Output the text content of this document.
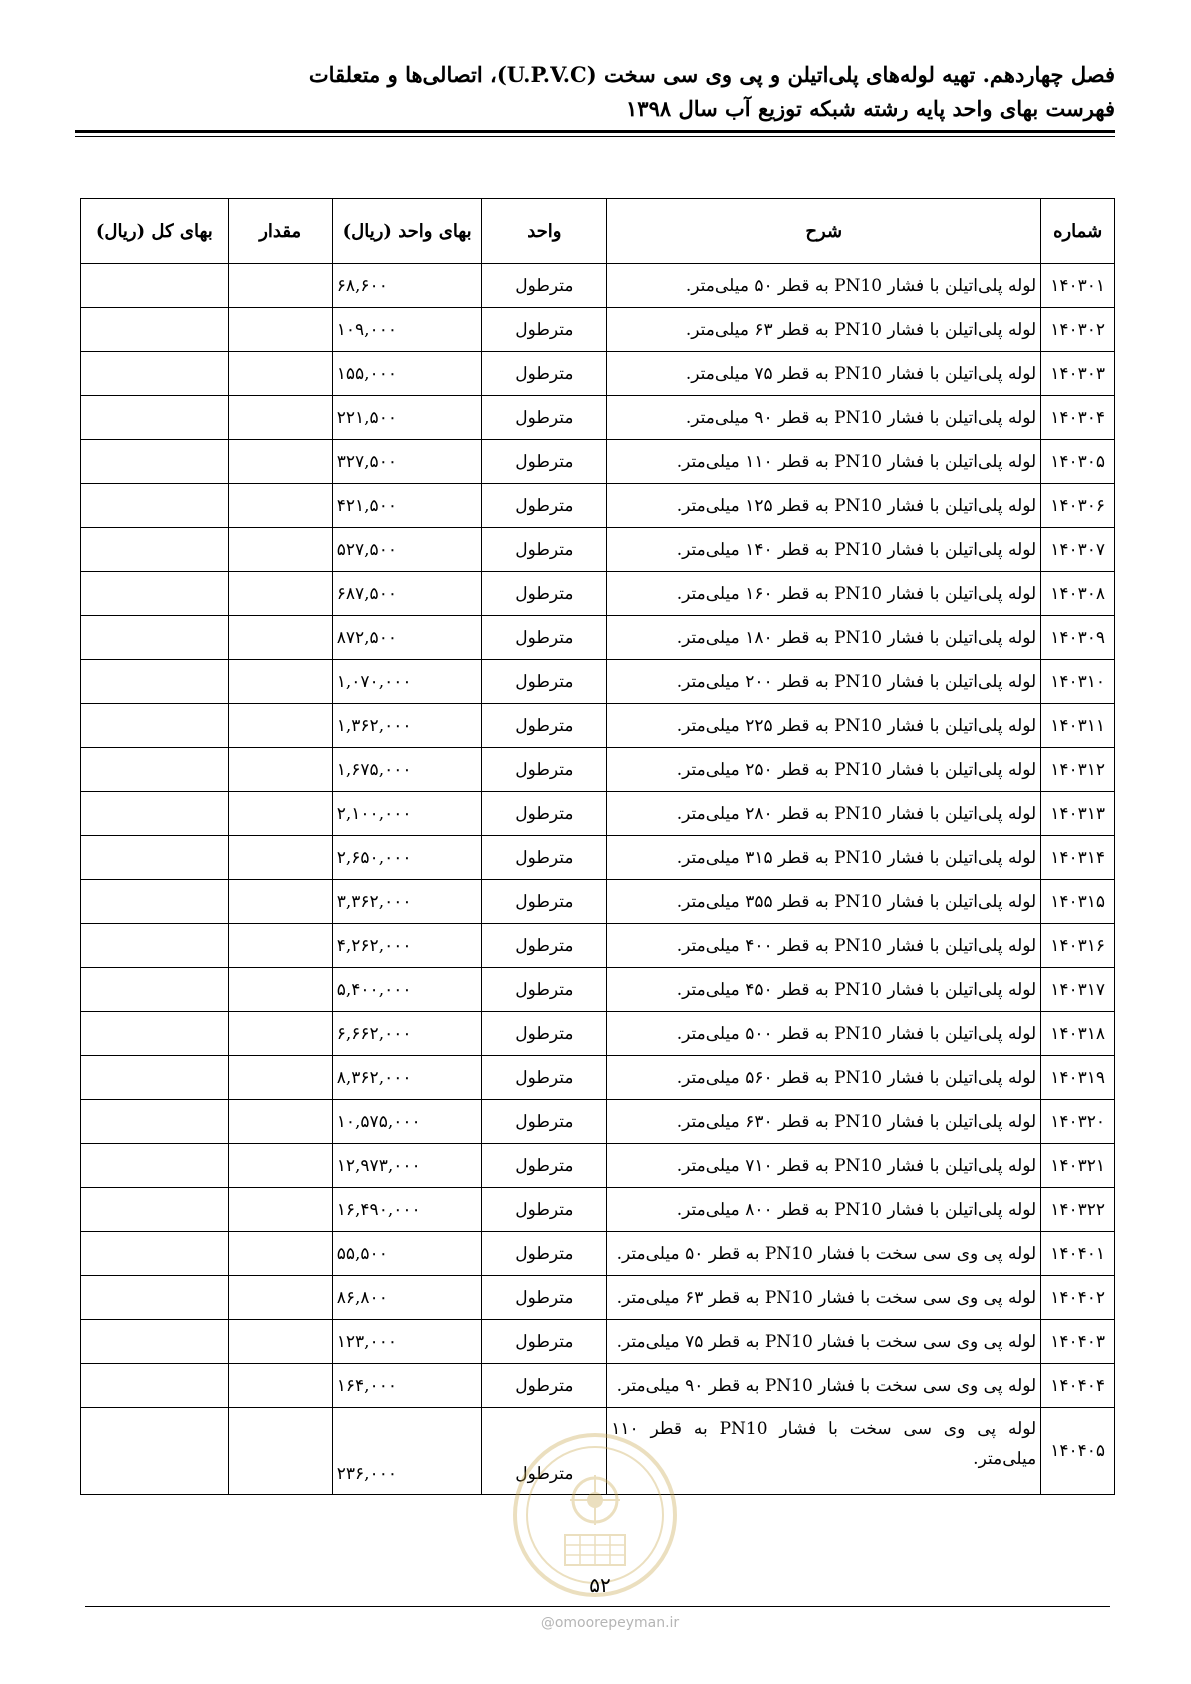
فصل چهاردهم. تهیه لوله‌های پلی‌اتیلن و پی وی سی سخت (U.P.V.C)، اتصالی‌ها و متعلقات
فهرست بهای واحد پایه رشته شبکه توزیع آب سال ۱۳۹۸
شماره	شرح	واحد	بهای واحد (ریال)	مقدار	بهای کل (ریال)
۱۴۰۳۰۱	لوله پلی‌اتیلن با فشار PN10 به قطر ۵۰ میلی‌متر.	مترطول	۶۸,۶۰۰		
۱۴۰۳۰۲	لوله پلی‌اتیلن با فشار PN10 به قطر ۶۳ میلی‌متر.	مترطول	۱۰۹,۰۰۰		
۱۴۰۳۰۳	لوله پلی‌اتیلن با فشار PN10 به قطر ۷۵ میلی‌متر.	مترطول	۱۵۵,۰۰۰		
۱۴۰۳۰۴	لوله پلی‌اتیلن با فشار PN10 به قطر ۹۰ میلی‌متر.	مترطول	۲۲۱,۵۰۰		
۱۴۰۳۰۵	لوله پلی‌اتیلن با فشار PN10 به قطر ۱۱۰ میلی‌متر.	مترطول	۳۲۷,۵۰۰		
۱۴۰۳۰۶	لوله پلی‌اتیلن با فشار PN10 به قطر ۱۲۵ میلی‌متر.	مترطول	۴۲۱,۵۰۰		
۱۴۰۳۰۷	لوله پلی‌اتیلن با فشار PN10 به قطر ۱۴۰ میلی‌متر.	مترطول	۵۲۷,۵۰۰		
۱۴۰۳۰۸	لوله پلی‌اتیلن با فشار PN10 به قطر ۱۶۰ میلی‌متر.	مترطول	۶۸۷,۵۰۰		
۱۴۰۳۰۹	لوله پلی‌اتیلن با فشار PN10 به قطر ۱۸۰ میلی‌متر.	مترطول	۸۷۲,۵۰۰		
۱۴۰۳۱۰	لوله پلی‌اتیلن با فشار PN10 به قطر ۲۰۰ میلی‌متر.	مترطول	۱,۰۷۰,۰۰۰		
۱۴۰۳۱۱	لوله پلی‌اتیلن با فشار PN10 به قطر ۲۲۵ میلی‌متر.	مترطول	۱,۳۶۲,۰۰۰		
۱۴۰۳۱۲	لوله پلی‌اتیلن با فشار PN10 به قطر ۲۵۰ میلی‌متر.	مترطول	۱,۶۷۵,۰۰۰		
۱۴۰۳۱۳	لوله پلی‌اتیلن با فشار PN10 به قطر ۲۸۰ میلی‌متر.	مترطول	۲,۱۰۰,۰۰۰		
۱۴۰۳۱۴	لوله پلی‌اتیلن با فشار PN10 به قطر ۳۱۵ میلی‌متر.	مترطول	۲,۶۵۰,۰۰۰		
۱۴۰۳۱۵	لوله پلی‌اتیلن با فشار PN10 به قطر ۳۵۵ میلی‌متر.	مترطول	۳,۳۶۲,۰۰۰		
۱۴۰۳۱۶	لوله پلی‌اتیلن با فشار PN10 به قطر ۴۰۰ میلی‌متر.	مترطول	۴,۲۶۲,۰۰۰		
۱۴۰۳۱۷	لوله پلی‌اتیلن با فشار PN10 به قطر ۴۵۰ میلی‌متر.	مترطول	۵,۴۰۰,۰۰۰		
۱۴۰۳۱۸	لوله پلی‌اتیلن با فشار PN10 به قطر ۵۰۰ میلی‌متر.	مترطول	۶,۶۶۲,۰۰۰		
۱۴۰۳۱۹	لوله پلی‌اتیلن با فشار PN10 به قطر ۵۶۰ میلی‌متر.	مترطول	۸,۳۶۲,۰۰۰		
۱۴۰۳۲۰	لوله پلی‌اتیلن با فشار PN10 به قطر ۶۳۰ میلی‌متر.	مترطول	۱۰,۵۷۵,۰۰۰		
۱۴۰۳۲۱	لوله پلی‌اتیلن با فشار PN10 به قطر ۷۱۰ میلی‌متر.	مترطول	۱۲,۹۷۳,۰۰۰		
۱۴۰۳۲۲	لوله پلی‌اتیلن با فشار PN10 به قطر ۸۰۰ میلی‌متر.	مترطول	۱۶,۴۹۰,۰۰۰		
۱۴۰۴۰۱	لوله پی وی سی سخت با فشار PN10 به قطر ۵۰ میلی‌متر.	مترطول	۵۵,۵۰۰		
۱۴۰۴۰۲	لوله پی وی سی سخت با فشار PN10 به قطر ۶۳ میلی‌متر.	مترطول	۸۶,۸۰۰		
۱۴۰۴۰۳	لوله پی وی سی سخت با فشار PN10 به قطر ۷۵ میلی‌متر.	مترطول	۱۲۳,۰۰۰		
۱۴۰۴۰۴	لوله پی وی سی سخت با فشار PN10 به قطر ۹۰ میلی‌متر.	مترطول	۱۶۴,۰۰۰		
۱۴۰۴۰۵	لوله پی وی سی سخت با فشار PN10 به قطر ۱۱۰ میلی‌متر.	مترطول	۲۳۶,۰۰۰		
۵۲
@omoorepeyman.ir
